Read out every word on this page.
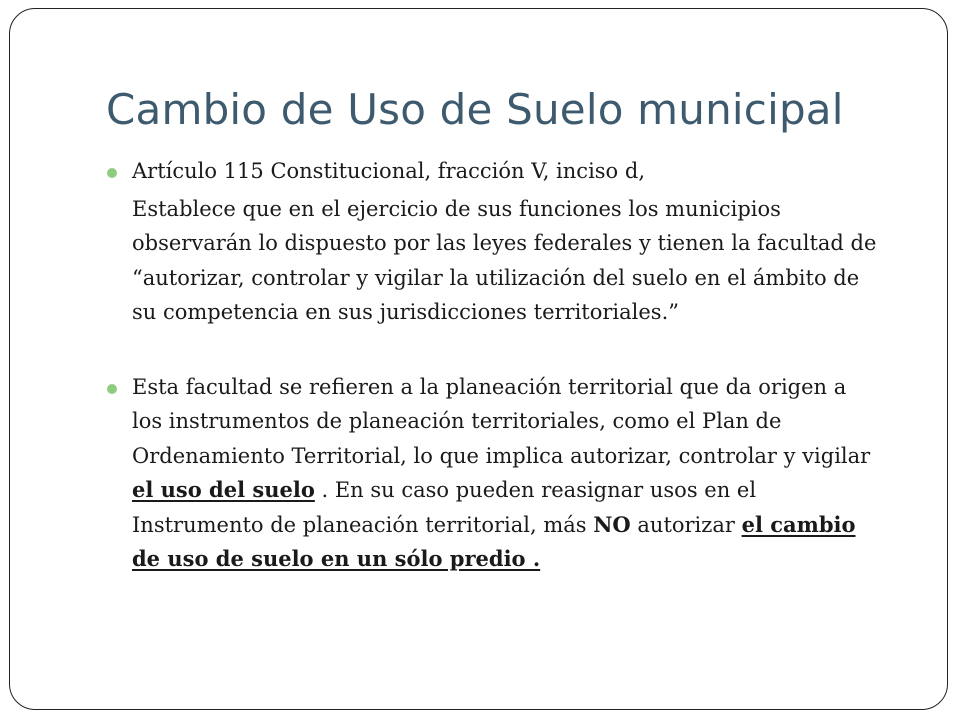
Cambio de Uso de Suelo municipal

Artículo 115 Constitucional, fracción V, inciso d,

Establece que en el ejercicio de sus funciones los municipios observarán lo dispuesto por las leyes federales y tienen la facultad de “autorizar, controlar y vigilar la utilización del suelo en el ámbito de su competencia en sus jurisdicciones territoriales.”

Esta facultad se refieren a la planeación territorial que da origen a los instrumentos de planeación territoriales, como el Plan de Ordenamiento Territorial, lo que implica autorizar, controlar y vigilar el uso del suelo . En su caso pueden reasignar usos en el Instrumento de planeación territorial, más NO autorizar el cambio de uso de suelo en un sólo predio .
